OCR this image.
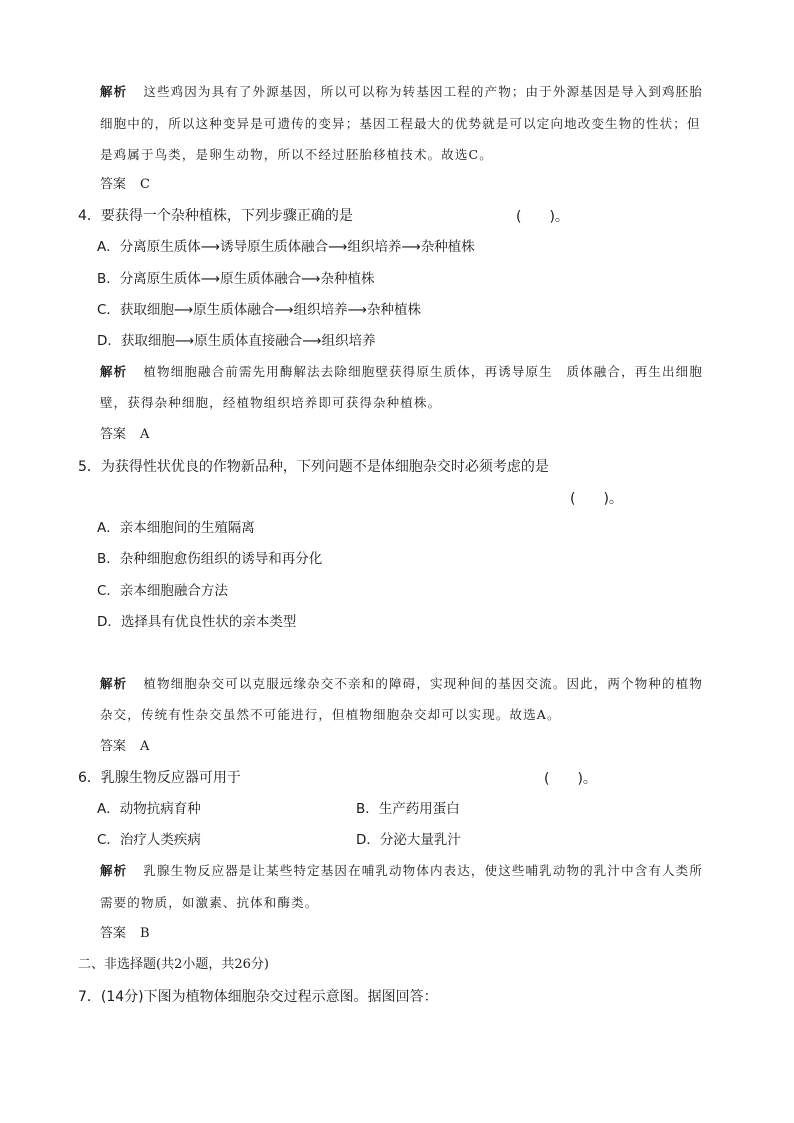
解析 这些鸡因为具有了外源基因，所以可以称为转基因工程的产物；由于外源基因是导入到鸡胚胎
细胞中的，所以这种变异是可遗传的变异；基因工程最大的优势就是可以定向地改变生物的性状；但
是鸡属于鸟类，是卵生动物，所以不经过胚胎移植技术。故选C。
答案 C
4．要获得一个杂种植株，下列步骤正确的是	(　　)。
A．分离原生质体⟶诱导原生质体融合⟶组织培养⟶杂种植株
B．分离原生质体⟶原生质体融合⟶杂种植株
C．获取细胞⟶原生质体融合⟶组织培养⟶杂种植株
D．获取细胞⟶原生质体直接融合⟶组织培养
解析 植物细胞融合前需先用酶解法去除细胞壁获得原生质体，再诱导原生　质体融合，再生出细胞
壁，获得杂种细胞，经植物组织培养即可获得杂种植株。
答案 A
5．为获得性状优良的作物新品种，下列问题不是体细胞杂交时必须考虑的是
(　　)。
A．亲本细胞间的生殖隔离
B．杂种细胞愈伤组织的诱导和再分化
C．亲本细胞融合方法
D．选择具有优良性状的亲本类型
解析 植物细胞杂交可以克服远缘杂交不亲和的障碍，实现种间的基因交流。因此，两个物种的植物
杂交，传统有性杂交虽然不可能进行，但植物细胞杂交却可以实现。故选A。
答案 A
6．乳腺生物反应器可用于	(　　)。
A．动物抗病育种	B．生产药用蛋白
C．治疗人类疾病	D．分泌大量乳汁
解析 乳腺生物反应器是让某些特定基因在哺乳动物体内表达，使这些哺乳动物的乳汁中含有人类所
需要的物质，如激素、抗体和酶类。
答案 B
二、非选择题(共2小题，共26分)
7．(14分)下图为植物体细胞杂交过程示意图。据图回答：
